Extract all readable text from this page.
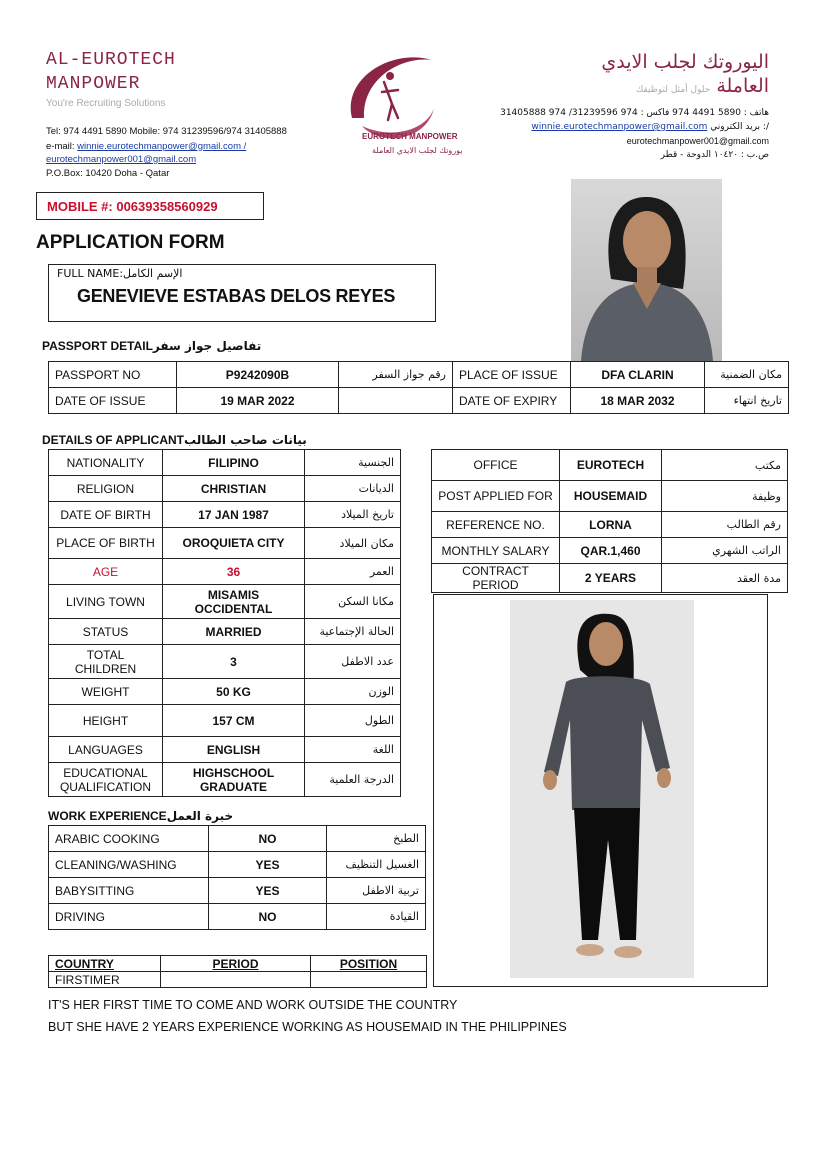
AL-EUROTECH
MANPOWER
You're Recruiting Solutions
Tel: 974 4491 5890 Mobile: 974 31239596/974 31405888
e-mail: winnie.eurotechmanpower@gmail.com /
eurotechmanpower001@gmail.com
P.O.Box: 10420 Doha - Qatar
EUROTECH MANPOWER
يوروتك لجلب الايدي العاملة
اليوروتك لجلب الايدي
العاملة حلول أمثل لتوظيفك
هاتف : 5890 4491 974 فاكس : 974 31239596/ 974 31405888
winnie.eurotechmanpower@gmail.com بريد الكتروني :/
eurotechmanpower001@gmail.com
ص.ب : ١٠٤٢٠ الدوحة - قطر
MOBILE #: 00639358560929
APPLICATION FORM
FULL NAME:الإسم الكامل
GENEVIEVE ESTABAS DELOS REYES
PASSPORT DETAILتفاصيل جواز سفر
PASSPORT NO	P9242090B	رقم جواز السفر	PLACE OF ISSUE	DFA CLARIN	مكان الضمنية
DATE OF ISSUE	19 MAR 2022		DATE OF EXPIRY	18 MAR 2032	تاريخ انتهاء
DETAILS OF APPLICANTبيانات صاحب الطالب
NATIONALITY	FILIPINO	الجنسية
RELIGION	CHRISTIAN	الديانات
DATE OF BIRTH	17 JAN 1987	تاريخ الميلاد
PLACE OF BIRTH	OROQUIETA CITY	مكان الميلاد
AGE	36	العمر
LIVING TOWN	MISAMIS OCCIDENTAL	مكانا السكن
STATUS	MARRIED	الحالة الإجتماعية
TOTAL CHILDREN	3	عدد الاطفل
WEIGHT	50 KG	الوزن
HEIGHT	157 CM	الطول
LANGUAGES	ENGLISH	اللغة
EDUCATIONAL QUALIFICATION	HIGHSCHOOL GRADUATE	الدرجة العلمية
OFFICE	EUROTECH	مكتب
POST APPLIED FOR	HOUSEMAID	وظيفة
REFERENCE NO.	LORNA	رقم الطالب
MONTHLY SALARY	QAR.1,460	الراتب الشهري
CONTRACT PERIOD	2 YEARS	مدة العقد
WORK EXPERIENCEخبرة العمل
ARABIC COOKING	NO	الطبخ
CLEANING/WASHING	YES	الغسيل التنظيف
BABYSITTING	YES	تربية الاطفل
DRIVING	NO	القيادة
COUNTRY	PERIOD	POSITION
FIRSTIMER		
IT'S HER FIRST TIME TO COME AND WORK OUTSIDE THE COUNTRY
BUT SHE HAVE 2 YEARS EXPERIENCE WORKING AS HOUSEMAID IN THE PHILIPPINES
